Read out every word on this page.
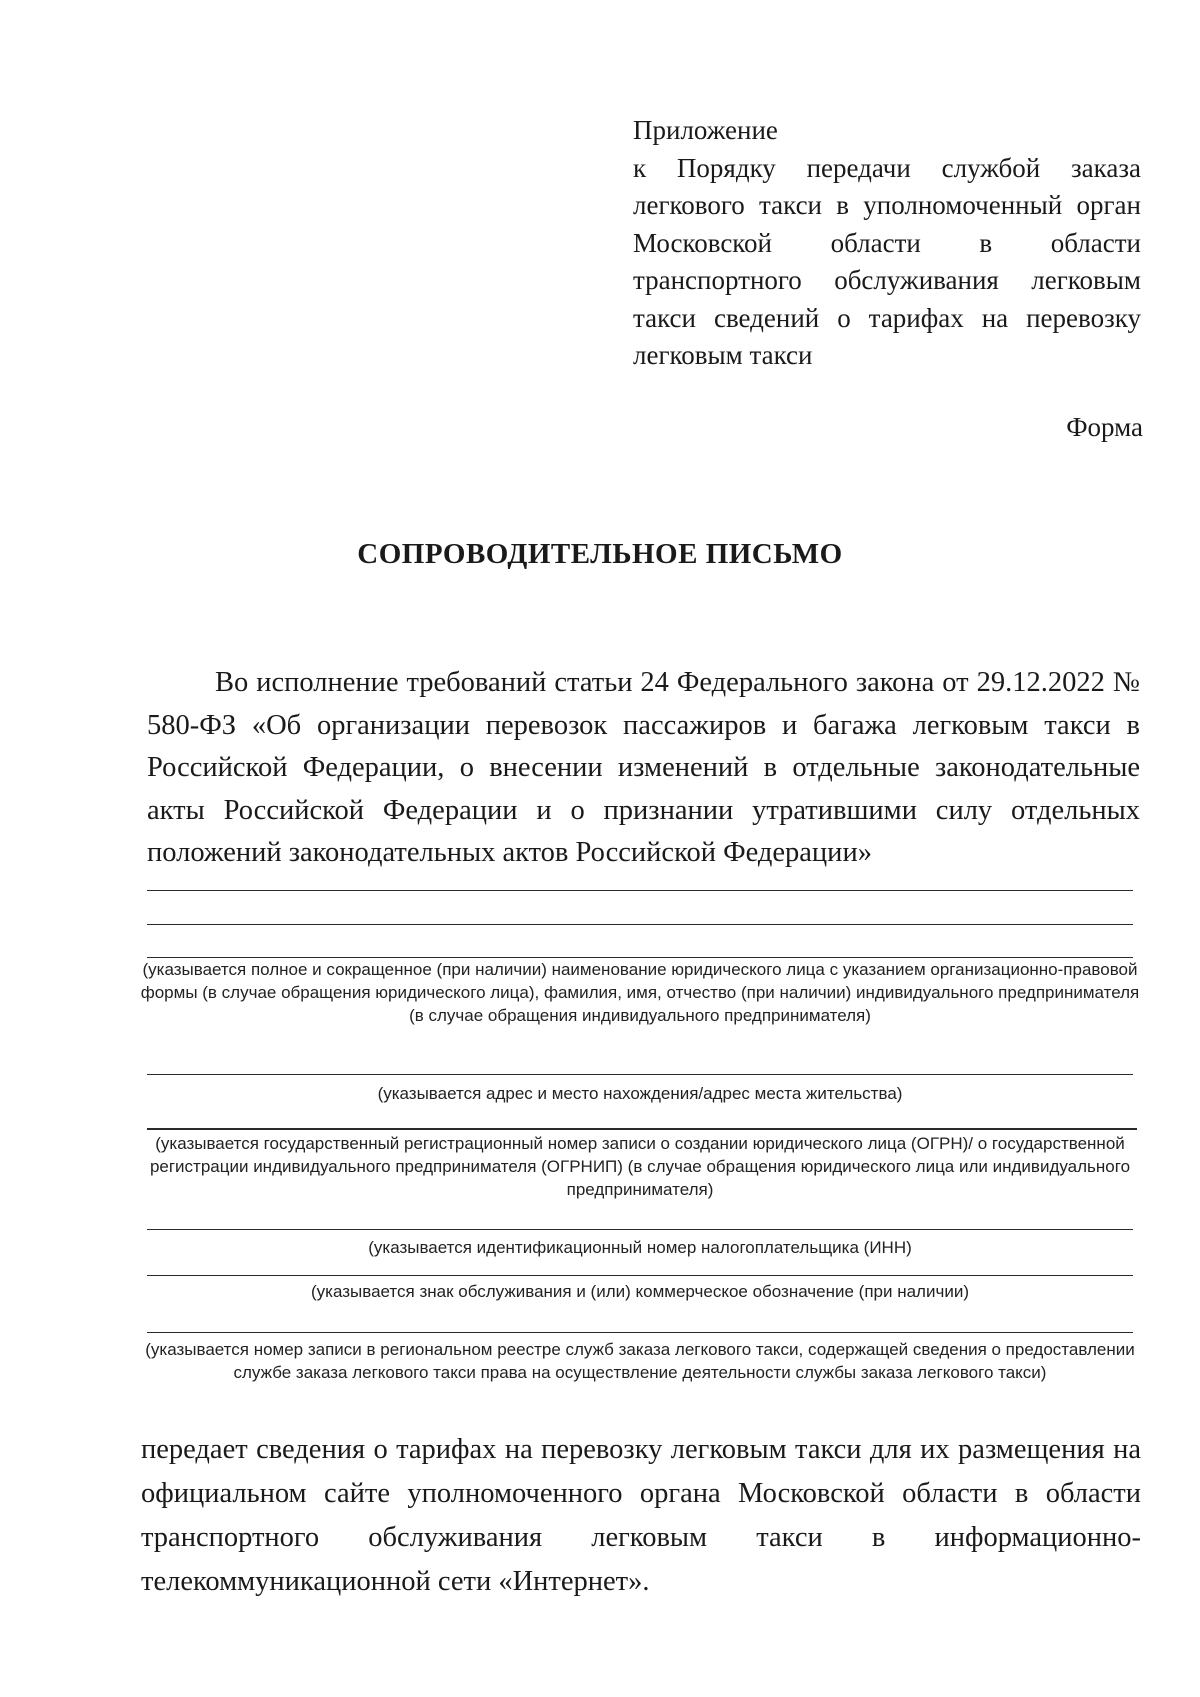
Приложение

к Порядку передачи службой заказа легкового такси в уполномоченный орган Московской области в области транспортного обслуживания легковым такси сведений о тарифах на перевозку легковым такси

Форма
СОПРОВОДИТЕЛЬНОЕ ПИСЬМО

Во исполнение требований статьи 24 Федерального закона от 29.12.2022 № 580-ФЗ «Об организации перевозок пассажиров и багажа легковым такси в Российской Федерации, о внесении изменений в отдельные законодательные акты Российской Федерации и о признании утратившими силу отдельных положений законодательных актов Российской Федерации»

(указывается полное и сокращенное (при наличии) наименование юридического лица с указанием организационно-правовой формы (в случае обращения юридического лица), фамилия, имя, отчество (при наличии) индивидуального предпринимателя (в случае обращения индивидуального предпринимателя)

(указывается адрес и место нахождения/адрес места жительства)

(указывается государственный регистрационный номер записи о создании юридического лица (ОГРН)/ о государственной регистрации индивидуального предпринимателя (ОГРНИП) (в случае обращения юридического лица или индивидуального предпринимателя)

(указывается идентификационный номер налогоплательщика (ИНН)

(указывается знак обслуживания и (или) коммерческое обозначение (при наличии)

(указывается номер записи в региональном реестре служб заказа легкового такси, содержащей сведения о предоставлении службе заказа легкового такси права на осуществление деятельности службы заказа легкового такси)

передает сведения о тарифах на перевозку легковым такси для их размещения на официальном сайте уполномоченного органа Московской области в области транспортного обслуживания легковым такси в информационно-телекоммуникационной сети «Интернет».
